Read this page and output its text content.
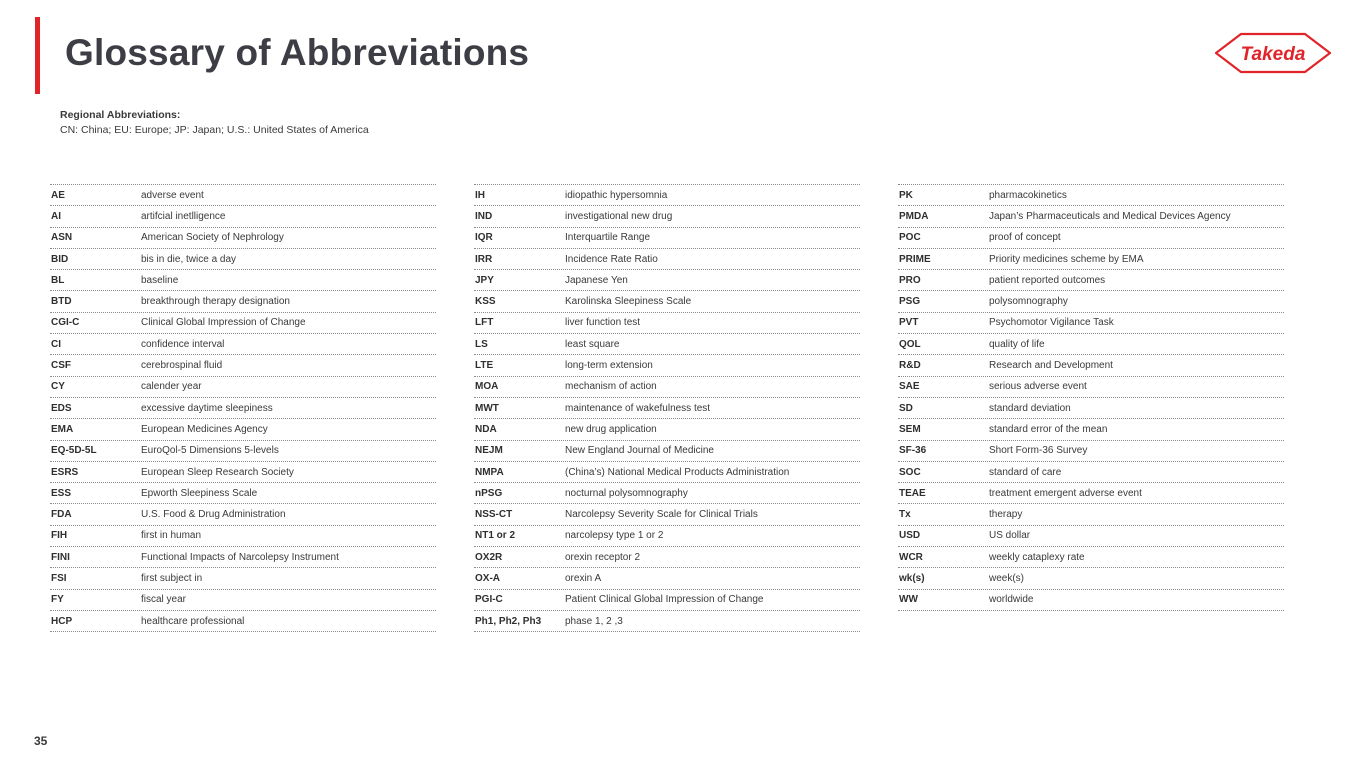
Glossary of Abbreviations	Takeda
Regional Abbreviations:
CN: China; EU: Europe; JP: Japan; U.S.: United States of America
AE	adverse event
AI	artifcial inetlligence
ASN	American Society of Nephrology
BID	bis in die, twice a day
BL	baseline
BTD	breakthrough therapy designation
CGI-C	Clinical Global Impression of Change
CI	confidence interval
CSF	cerebrospinal fluid
CY	calender year
EDS	excessive daytime sleepiness
EMA	European Medicines Agency
EQ-5D-5L	EuroQol-5 Dimensions 5-levels
ESRS	European Sleep Research Society
ESS	Epworth Sleepiness Scale
FDA	U.S. Food & Drug Administration
FIH	first in human
FINI	Functional Impacts of Narcolepsy Instrument
FSI	first subject in
FY	fiscal year
HCP	healthcare professional
IH	idiopathic hypersomnia
IND	investigational new drug
IQR	Interquartile Range
IRR	Incidence Rate Ratio
JPY	Japanese Yen
KSS	Karolinska Sleepiness Scale
LFT	liver function test
LS	least square
LTE	long-term extension
MOA	mechanism of action
MWT	maintenance of wakefulness test
NDA	new drug application
NEJM	New England Journal of Medicine
NMPA	(China’s) National Medical Products Administration
nPSG	nocturnal polysomnography
NSS-CT	Narcolepsy Severity Scale for Clinical Trials
NT1 or 2	narcolepsy type 1 or 2
OX2R	orexin receptor 2
OX-A	orexin A
PGI-C	Patient Clinical Global Impression of Change
Ph1, Ph2, Ph3	phase 1, 2 ,3
PK	pharmacokinetics
PMDA	Japan’s Pharmaceuticals and Medical Devices Agency
POC	proof of concept
PRIME	Priority medicines scheme by EMA
PRO	patient reported outcomes
PSG	polysomnography
PVT	Psychomotor Vigilance Task
QOL	quality of life
R&D	Research and Development
SAE	serious adverse event
SD	standard deviation
SEM	standard error of the mean
SF-36	Short Form-36 Survey
SOC	standard of care
TEAE	treatment emergent adverse event
Tx	therapy
USD	US dollar
WCR	weekly cataplexy rate
wk(s)	week(s)
WW	worldwide
35
